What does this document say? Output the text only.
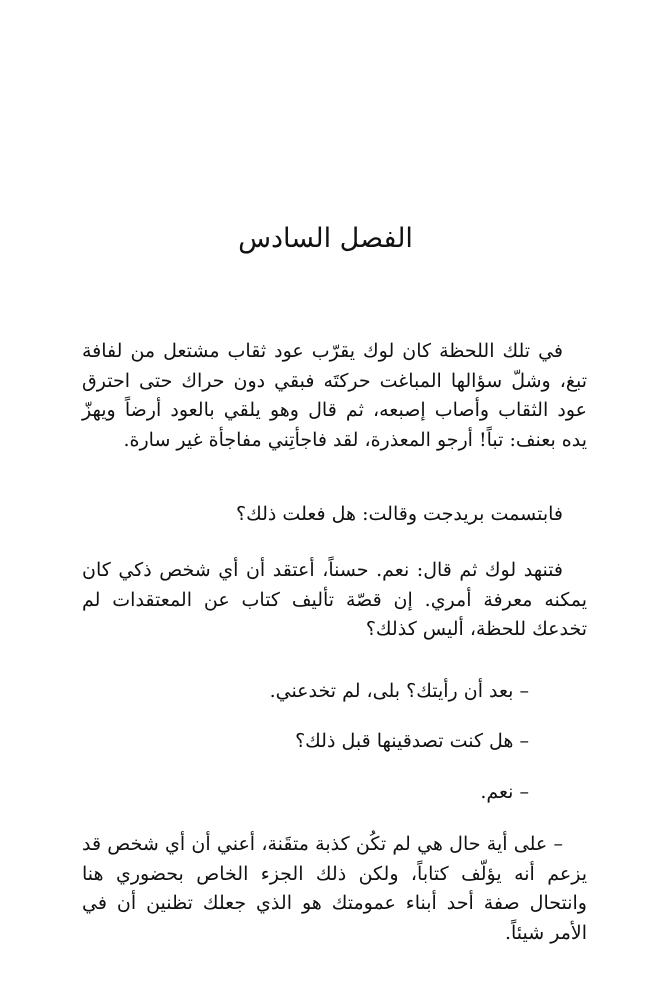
الفصل السادس

في تلك اللحظة كان لوك يقرّب عود ثقاب مشتعل من لفافة تبغ، وشلّ سؤالها المباغت حركتَه فبقي دون حراك حتى احترق عود الثقاب وأصاب إصبعه، ثم قال وهو يلقي بالعود أرضاً ويهزّ يده بعنف: تباً! أرجو المعذرة، لقد فاجأتِني مفاجأة غير سارة.

فابتسمت بريدجت وقالت: هل فعلت ذلك؟

فتنهد لوك ثم قال: نعم. حسناً، أعتقد أن أي شخص ذكي كان يمكنه معرفة أمري. إن قصّة تأليف كتاب عن المعتقدات لم تخدعك للحظة، أليس كذلك؟

– بعد أن رأيتك؟ بلى، لم تخدعني.

– هل كنت تصدقينها قبل ذلك؟

– نعم.

– على أية حال هي لم تكُن كذبة متقَنة، أعني أن أي شخص قد يزعم أنه يؤلّف كتاباً، ولكن ذلك الجزء الخاص بحضوري هنا وانتحال صفة أحد أبناء عمومتك هو الذي جعلك تظنين أن في الأمر شيئاً.
